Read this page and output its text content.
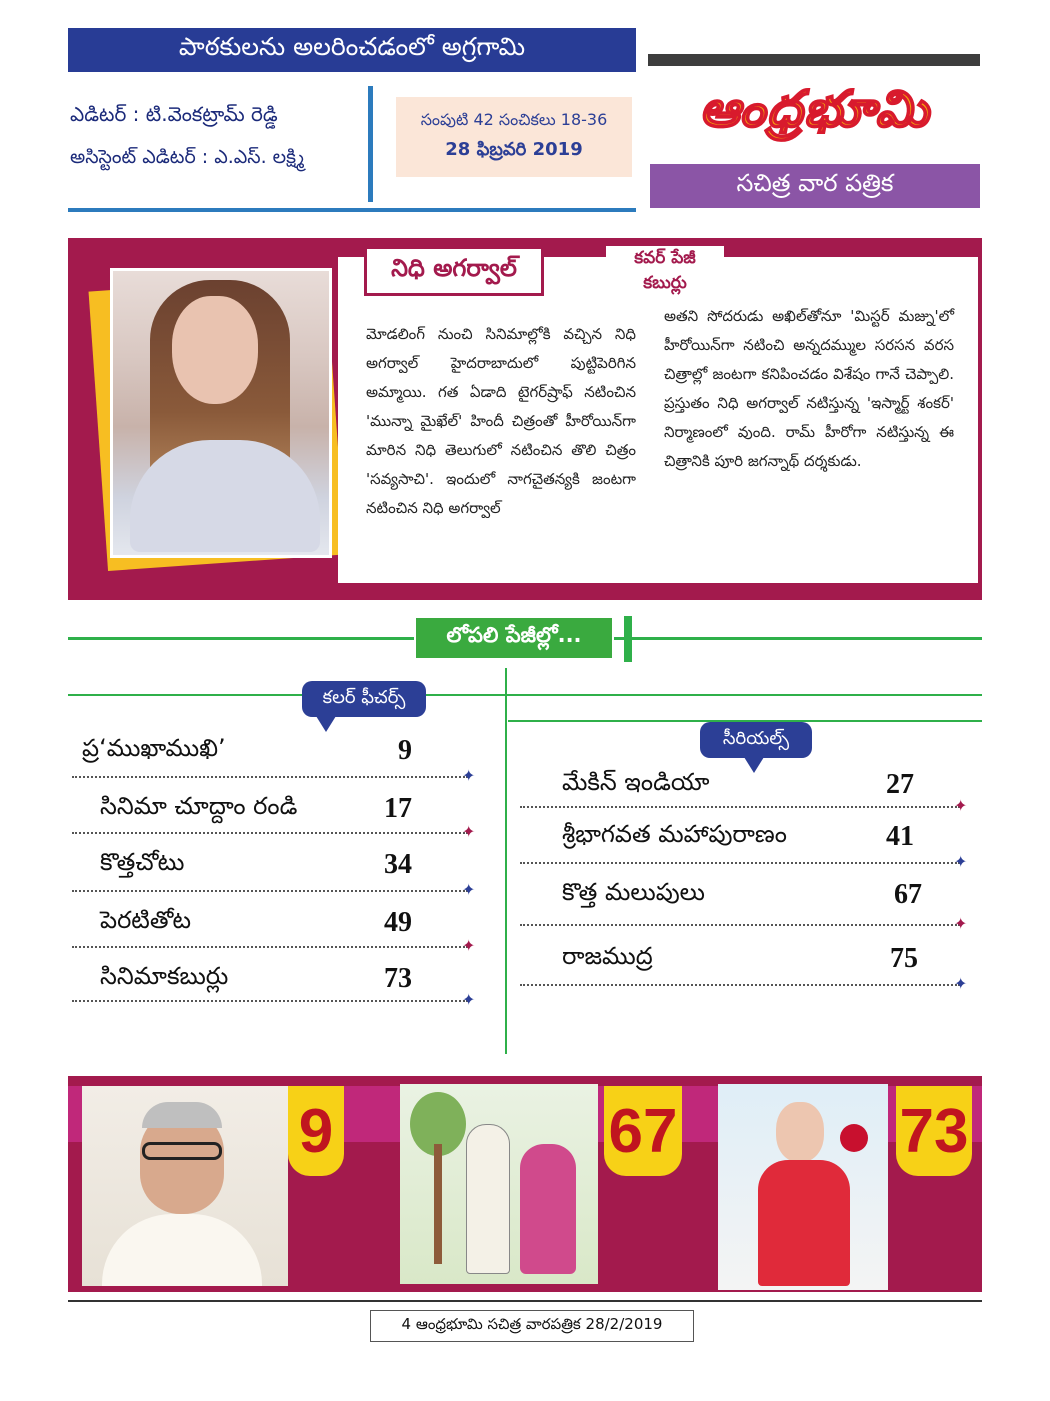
పాఠకులను అలరించడంలో అగ్రగామి
ఎడిటర్ : టి.వెంకట్రామ్ రెడ్డి
అసిస్టెంట్ ఎడిటర్ : ఎ.ఎస్. లక్ష్మి
సంపుటి 42 సంచికలు 18-36
28 ఫిబ్రవరి 2019
ఆంధ్రభూమి
సచిత్ర వార పత్రిక
నిధి అగర్వాల్	కవర్ పేజీ
కబుర్లు
మోడలింగ్ నుంచి సినిమాల్లోకి వచ్చిన నిధి అగర్వాల్ హైదరాబాదులో పుట్టిపెరిగిన అమ్మాయి. గత ఏడాది టైగర్‌ష్రాఫ్ నటించిన 'మున్నా మైఖేల్' హిందీ చిత్రంతో హీరోయిన్‌గా మారిన నిధి తెలుగులో నటించిన తొలి చిత్రం 'సవ్యసాచి'. ఇందులో నాగచైతన్యకి జంటగా నటించిన నిధి అగర్వాల్
అతని సోదరుడు అఖిల్‌తోనూ 'మిస్టర్ మజ్ను'లో హీరోయిన్‌గా నటించి అన్నదమ్ముల సరసన వరస చిత్రాల్లో జంటగా కనిపించడం విశేషం గానే చెప్పాలి. ప్రస్తుతం నిధి అగర్వాల్ నటిస్తున్న 'ఇస్మార్ట్ శంకర్' నిర్మాణంలో వుంది. రామ్ హీరోగా నటిస్తున్న ఈ చిత్రానికి పూరి జగన్నాథ్ దర్శకుడు.
లోపలి పేజీల్లో...
కలర్ ఫీచర్స్
సీరియల్స్
ప్ర‘ముఖాముఖి’	9
✦
సినిమా చూద్దాం రండి	17
✦
కొత్తచోటు	34
✦
పెరటితోట	49
✦
సినిమాకబుర్లు	73
✦
మేకిన్ ఇండియా	27
✦
శ్రీభాగవత మహాపురాణం	41
✦
కొత్త మలుపులు	67
✦
రాజముద్ర	75
✦
9	67	73
4 ఆంధ్రభూమి సచిత్ర వారపత్రిక 28/2/2019
